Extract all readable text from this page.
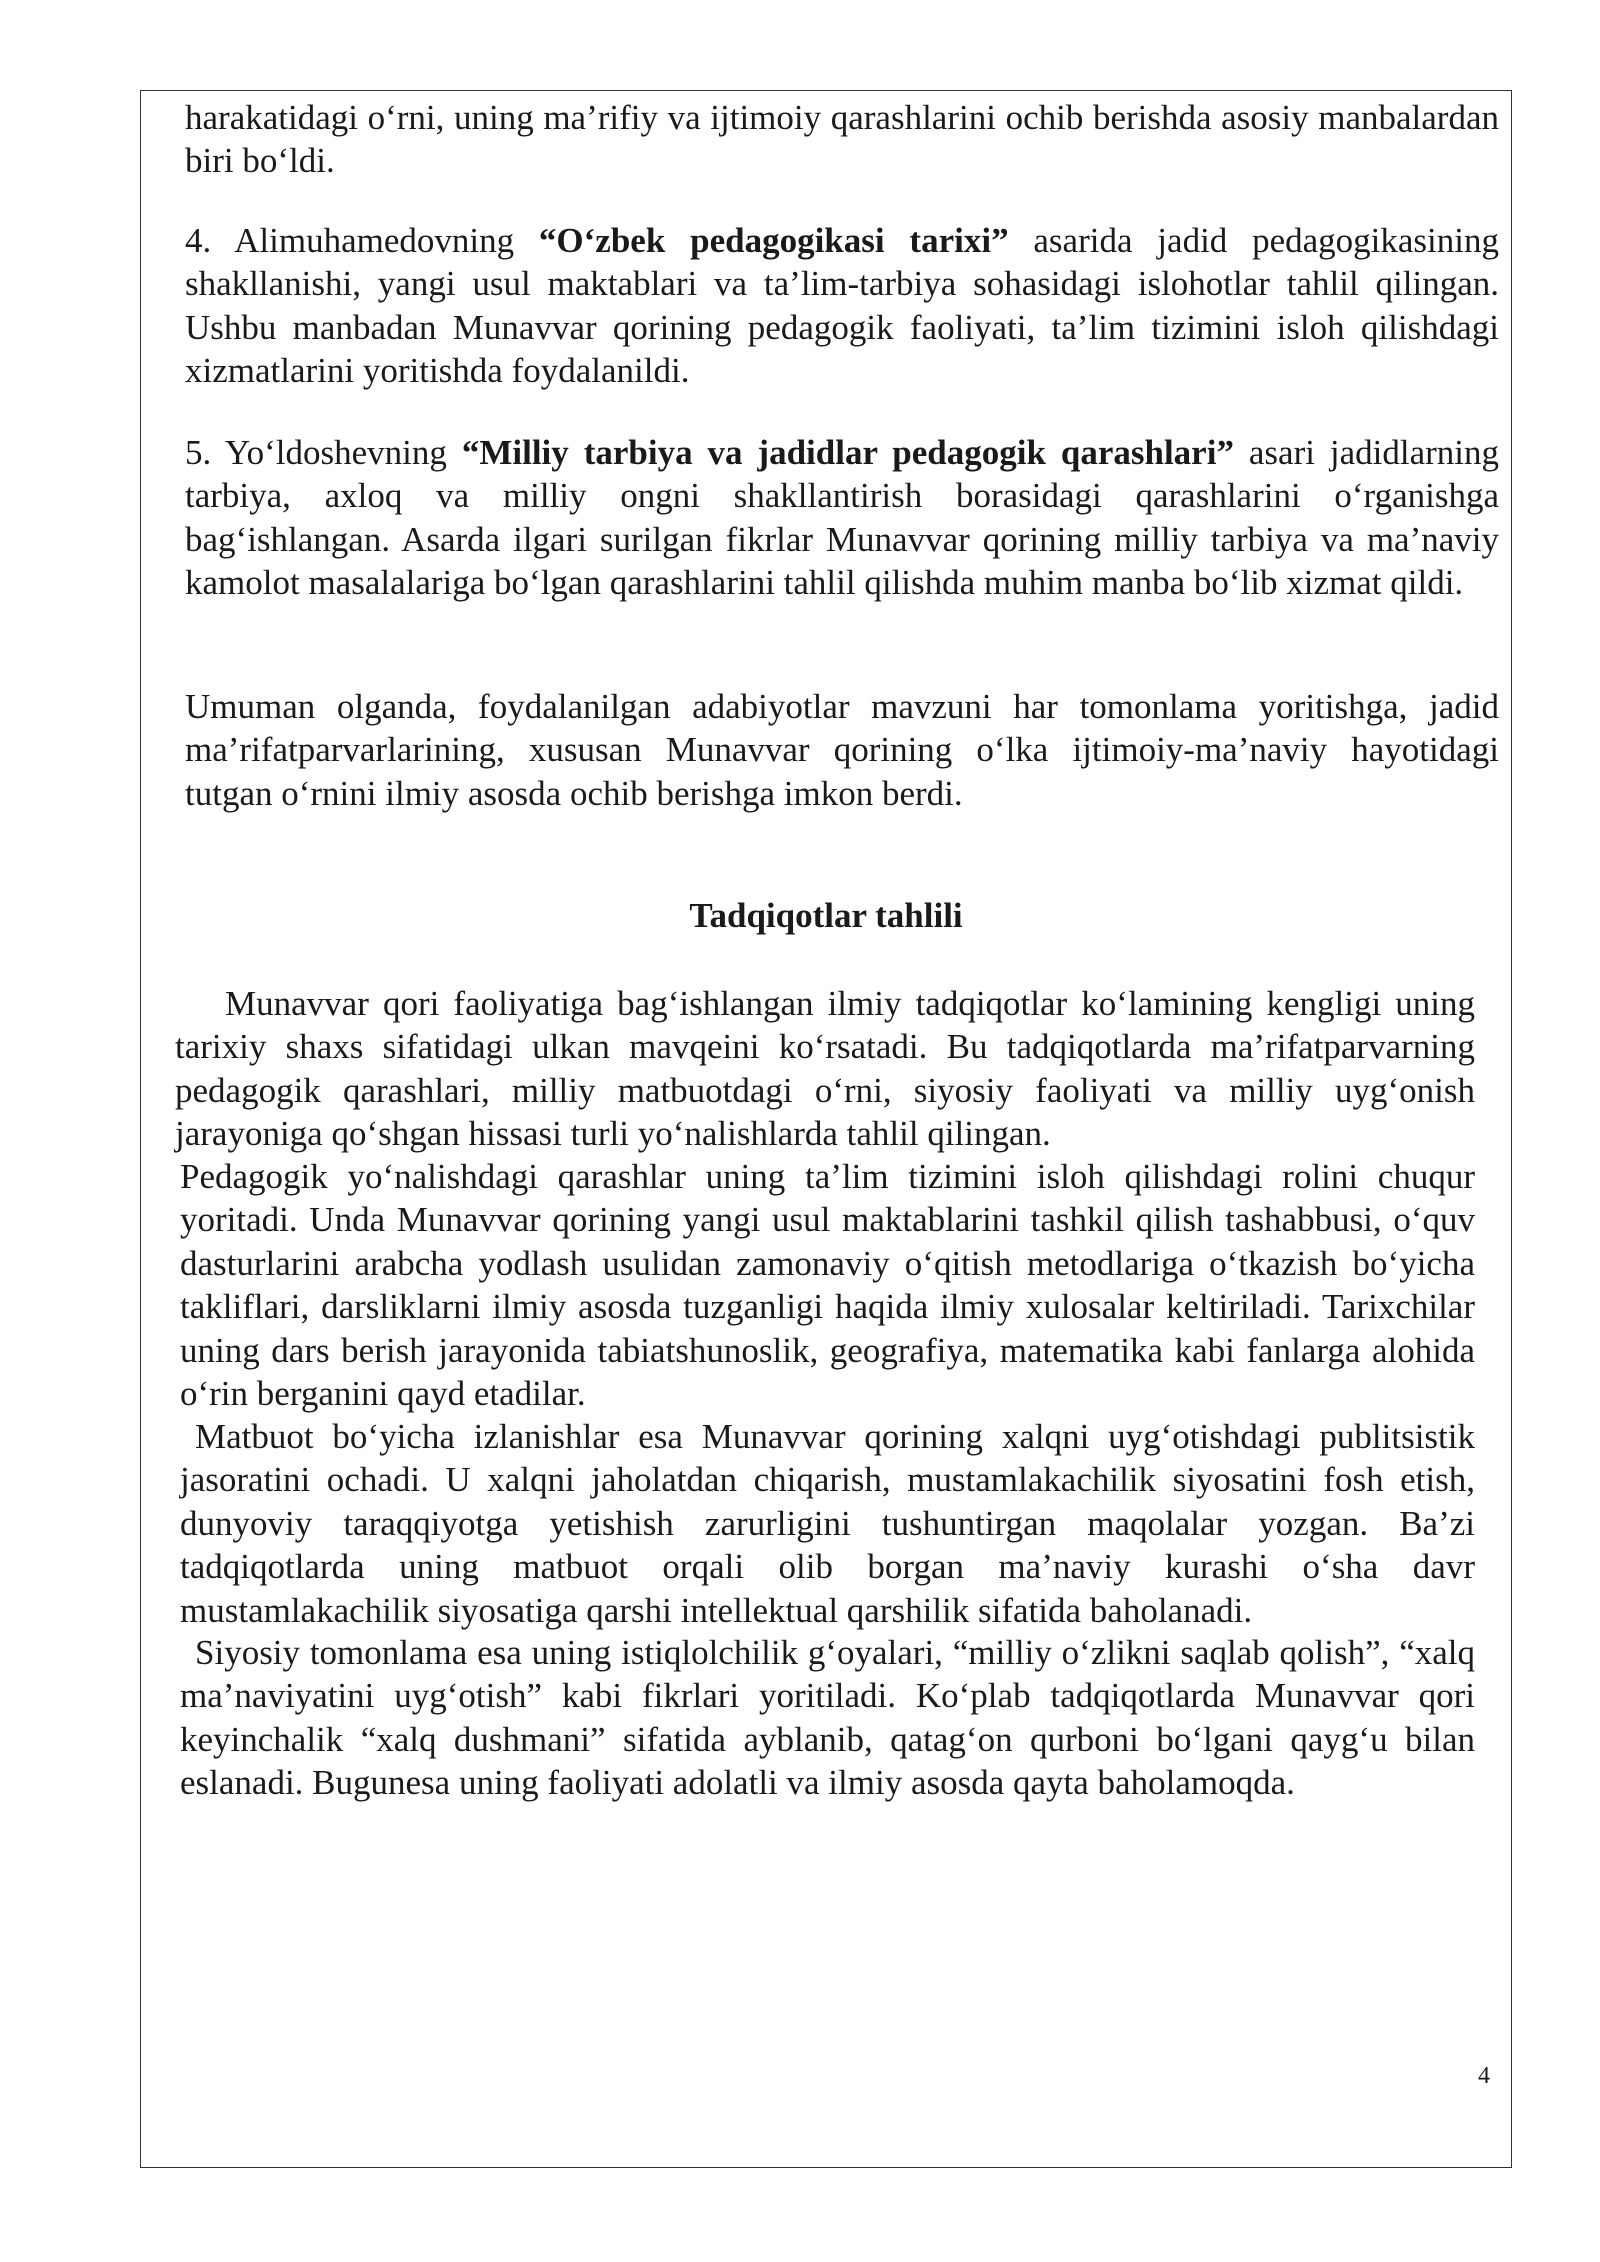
harakatidagi o‘rni, uning ma’rifiy va ijtimoiy qarashlarini ochib berishda asosiy manbalardan biri bo‘ldi.

4. Alimuhamedovning “O‘zbek pedagogikasi tarixi” asarida jadid pedagogikasining shakllanishi, yangi usul maktablari va ta’lim-tarbiya sohasidagi islohotlar tahlil qilingan. Ushbu manbadan Munavvar qorining pedagogik faoliyati, ta’lim tizimini isloh qilishdagi xizmatlarini yoritishda foydalanildi.

5. Yo‘ldoshevning “Milliy tarbiya va jadidlar pedagogik qarashlari” asari jadidlarning tarbiya, axloq va milliy ongni shakllantirish borasidagi qarashlarini o‘rganishga bag‘ishlangan. Asarda ilgari surilgan fikrlar Munavvar qorining milliy tarbiya va ma’naviy kamolot masalalariga bo‘lgan qarashlarini tahlil qilishda muhim manba bo‘lib xizmat qildi.

Umuman olganda, foydalanilgan adabiyotlar mavzuni har tomonlama yoritishga, jadid ma’rifatparvarlarining, xususan Munavvar qorining o‘lka ijtimoiy-ma’naviy hayotidagi tutgan o‘rnini ilmiy asosda ochib berishga imkon berdi.

Tadqiqotlar tahlili

Munavvar qori faoliyatiga bag‘ishlangan ilmiy tadqiqotlar ko‘lamining kengligi uning tarixiy shaxs sifatidagi ulkan mavqeini ko‘rsatadi. Bu tadqiqotlarda ma’rifatparvarning pedagogik qarashlari, milliy matbuotdagi o‘rni, siyosiy faoliyati va milliy uyg‘onish jarayoniga qo‘shgan hissasi turli yo‘nalishlarda tahlil qilingan.

Pedagogik yo‘nalishdagi qarashlar uning ta’lim tizimini isloh qilishdagi rolini chuqur yoritadi. Unda Munavvar qorining yangi usul maktablarini tashkil qilish tashabbusi, o‘quv dasturlarini arabcha yodlash usulidan zamonaviy o‘qitish metodlariga o‘tkazish bo‘yicha takliflari, darsliklarni ilmiy asosda tuzganligi haqida ilmiy xulosalar keltiriladi. Tarixchilar uning dars berish jarayonida tabiatshunoslik, geografiya, matematika kabi fanlarga alohida o‘rin berganini qayd etadilar.

Matbuot bo‘yicha izlanishlar esa Munavvar qorining xalqni uyg‘otishdagi publitsistik jasoratini ochadi. U xalqni jaholatdan chiqarish, mustamlakachilik siyosatini fosh etish, dunyoviy taraqqiyotga yetishish zarurligini tushuntirgan maqolalar yozgan. Ba’zi tadqiqotlarda uning matbuot orqali olib borgan ma’naviy kurashi o‘sha davr mustamlakachilik siyosatiga qarshi intellektual qarshilik sifatida baholanadi.

Siyosiy tomonlama esa uning istiqlolchilik g‘oyalari, “milliy o‘zlikni saqlab qolish”, “xalq ma’naviyatini uyg‘otish” kabi fikrlari yoritiladi. Ko‘plab tadqiqotlarda Munavvar qori keyinchalik “xalq dushmani” sifatida ayblanib, qatag‘on qurboni bo‘lgani qayg‘u bilan eslanadi. Bugunesa uning faoliyati adolatli va ilmiy asosda qayta baholamoqda.

4
